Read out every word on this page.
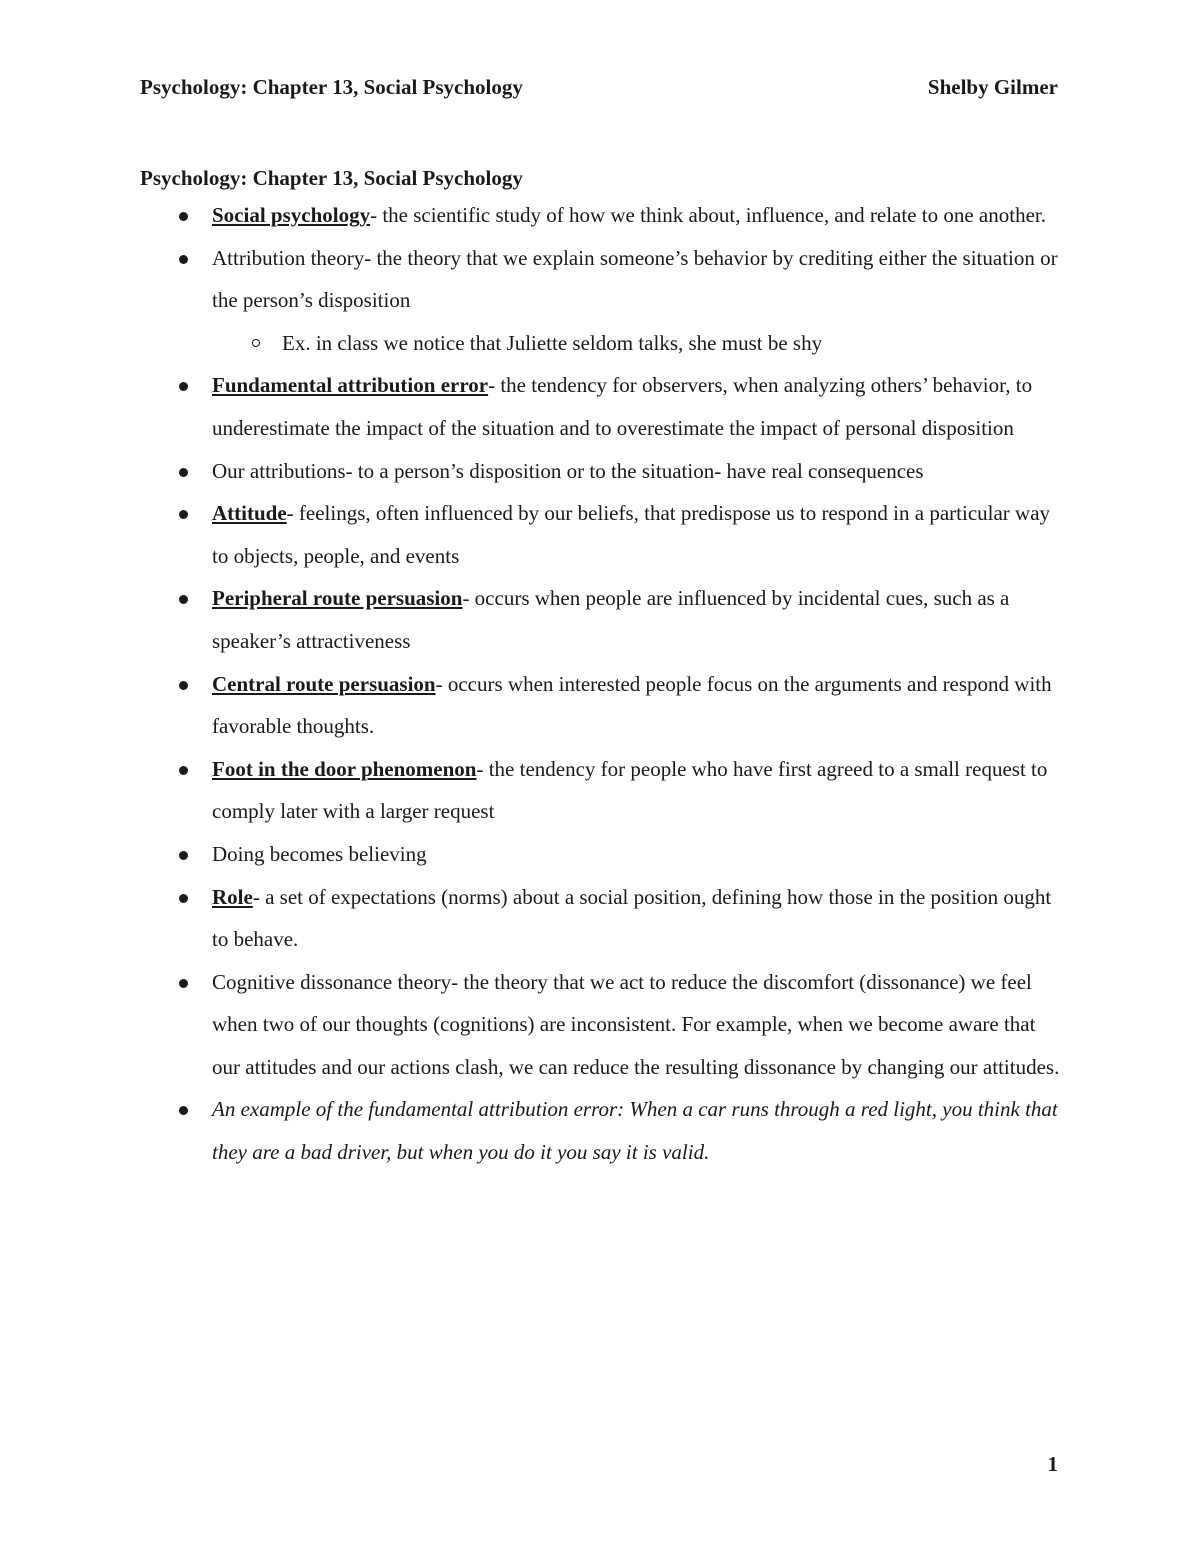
Psychology: Chapter 13, Social Psychology	Shelby Gilmer

Psychology: Chapter 13, Social Psychology

Social psychology- the scientific study of how we think about, influence, and relate to one another.
Attribution theory- the theory that we explain someone’s behavior by crediting either the situation or the person’s disposition
Ex. in class we notice that Juliette seldom talks, she must be shy
Fundamental attribution error- the tendency for observers, when analyzing others’ behavior, to underestimate the impact of the situation and to overestimate the impact of personal disposition
Our attributions- to a person’s disposition or to the situation- have real consequences
Attitude- feelings, often influenced by our beliefs, that predispose us to respond in a particular way to objects, people, and events
Peripheral route persuasion- occurs when people are influenced by incidental cues, such as a speaker’s attractiveness
Central route persuasion- occurs when interested people focus on the arguments and respond with favorable thoughts.
Foot in the door phenomenon- the tendency for people who have first agreed to a small request to comply later with a larger request
Doing becomes believing
Role- a set of expectations (norms) about a social position, defining how those in the position ought to behave.
Cognitive dissonance theory- the theory that we act to reduce the discomfort (dissonance) we feel when two of our thoughts (cognitions) are inconsistent. For example, when we become aware that our attitudes and our actions clash, we can reduce the resulting dissonance by changing our attitudes.
An example of the fundamental attribution error: When a car runs through a red light, you think that they are a bad driver, but when you do it you say it is valid.
1
